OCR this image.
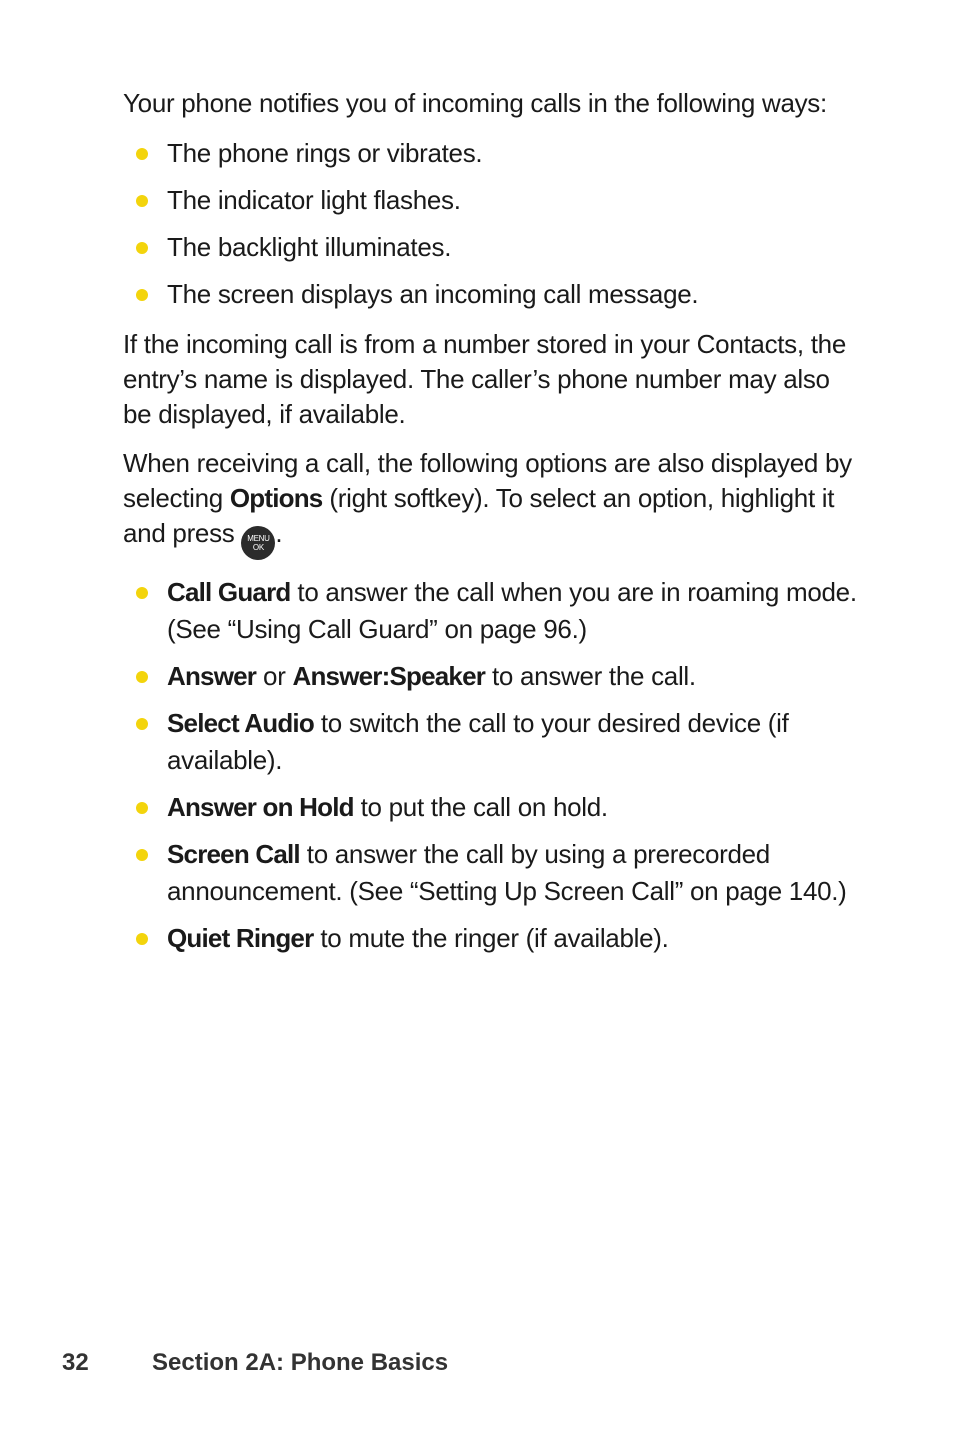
Your phone notifies you of incoming calls in the following ways:

The phone rings or vibrates.
The indicator light flashes.
The backlight illuminates.
The screen displays an incoming call message.

If the incoming call is from a number stored in your Contacts, the entry’s name is displayed. The caller’s phone number may also be displayed, if available.

When receiving a call, the following options are also displayed by selecting Options (right softkey). To select an option, highlight it and press MENU
OK .

Call Guard to answer the call when you are in roaming mode. (See “Using Call Guard” on page 96.)
Answer or Answer:Speaker to answer the call.
Select Audio to switch the call to your desired device (if available).
Answer on Hold to put the call on hold.
Screen Call to answer the call by using a prerecorded announcement. (See “Setting Up Screen Call” on page 140.)
Quiet Ringer to mute the ringer (if available).
32	Section 2A: Phone Basics
